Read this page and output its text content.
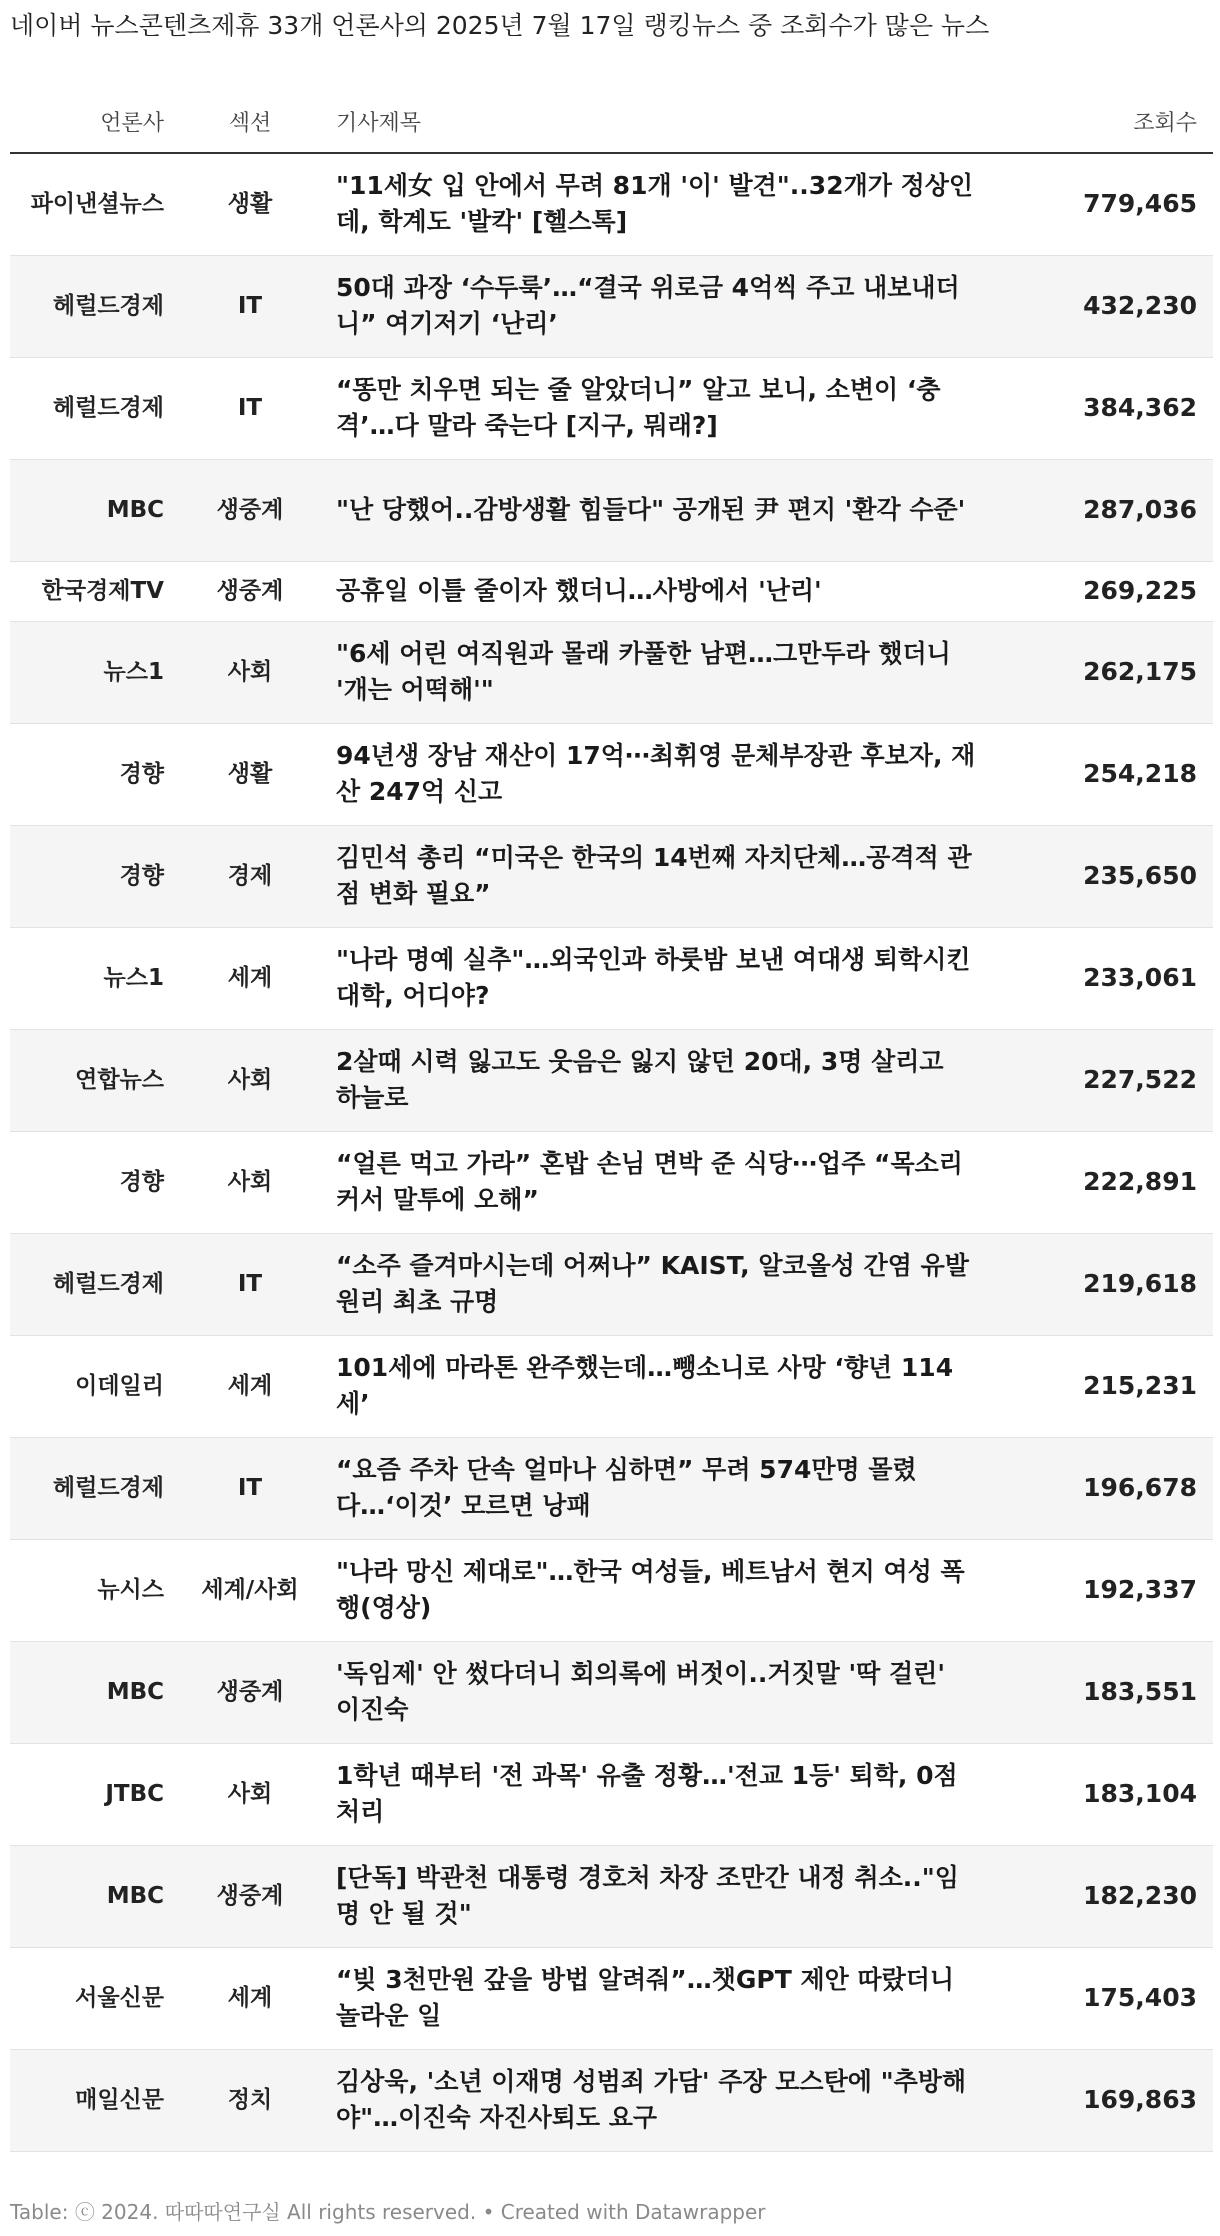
네이버 뉴스콘텐츠제휴 33개 언론사의 2025년 7월 17일 랭킹뉴스 중 조회수가 많은 뉴스
언론사	섹션	기사제목	조회수
파이낸셜뉴스	생활	"11세女 입 안에서 무려 81개 '이' 발견"..32개가 정상인데, 학계도 '발칵' [헬스톡]	779,465
헤럴드경제	IT	50대 과장 ‘수두룩’…“결국 위로금 4억씩 주고 내보내더니” 여기저기 ‘난리’	432,230
헤럴드경제	IT	“똥만 치우면 되는 줄 알았더니” 알고 보니, 소변이 ‘충격’…다 말라 죽는다 [지구, 뭐래?]	384,362
MBC	생중계	"난 당했어..감방생활 힘들다" 공개된 尹 편지 '환각 수준'	287,036
한국경제TV	생중계	공휴일 이틀 줄이자 했더니…사방에서 '난리'	269,225
뉴스1	사회	"6세 어린 여직원과 몰래 카풀한 남편…그만두라 했더니 '개는 어떡해'"	262,175
경향	생활	94년생 장남 재산이 17억⋯최휘영 문체부장관 후보자, 재산 247억 신고	254,218
경향	경제	김민석 총리 “미국은 한국의 14번째 자치단체…공격적 관점 변화 필요”	235,650
뉴스1	세계	"나라 명예 실추"…외국인과 하룻밤 보낸 여대생 퇴학시킨 대학, 어디야?	233,061
연합뉴스	사회	2살때 시력 잃고도 웃음은 잃지 않던 20대, 3명 살리고 하늘로	227,522
경향	사회	“얼른 먹고 가라” 혼밥 손님 면박 준 식당⋯업주 “목소리 커서 말투에 오해”	222,891
헤럴드경제	IT	“소주 즐겨마시는데 어쩌나” KAIST, 알코올성 간염 유발원리 최초 규명	219,618
이데일리	세계	101세에 마라톤 완주했는데…뺑소니로 사망 ‘향년 114세’	215,231
헤럴드경제	IT	“요즘 주차 단속 얼마나 심하면” 무려 574만명 몰렸다…‘이것’ 모르면 낭패	196,678
뉴시스	세계/사회	"나라 망신 제대로"…한국 여성들, 베트남서 현지 여성 폭행(영상)	192,337
MBC	생중계	'독임제' 안 썼다더니 회의록에 버젓이..거짓말 '딱 걸린' 이진숙	183,551
JTBC	사회	1학년 때부터 '전 과목' 유출 정황…'전교 1등' 퇴학, 0점 처리	183,104
MBC	생중계	[단독] 박관천 대통령 경호처 차장 조만간 내정 취소.."임명 안 될 것"	182,230
서울신문	세계	“빚 3천만원 갚을 방법 알려줘”…챗GPT 제안 따랐더니 놀라운 일	175,403
매일신문	정치	김상욱, '소년 이재명 성범죄 가담' 주장 모스탄에 "추방해야"…이진숙 자진사퇴도 요구	169,863
Table: ⓒ 2024. 따따따연구실 All rights reserved. • Created with Datawrapper
